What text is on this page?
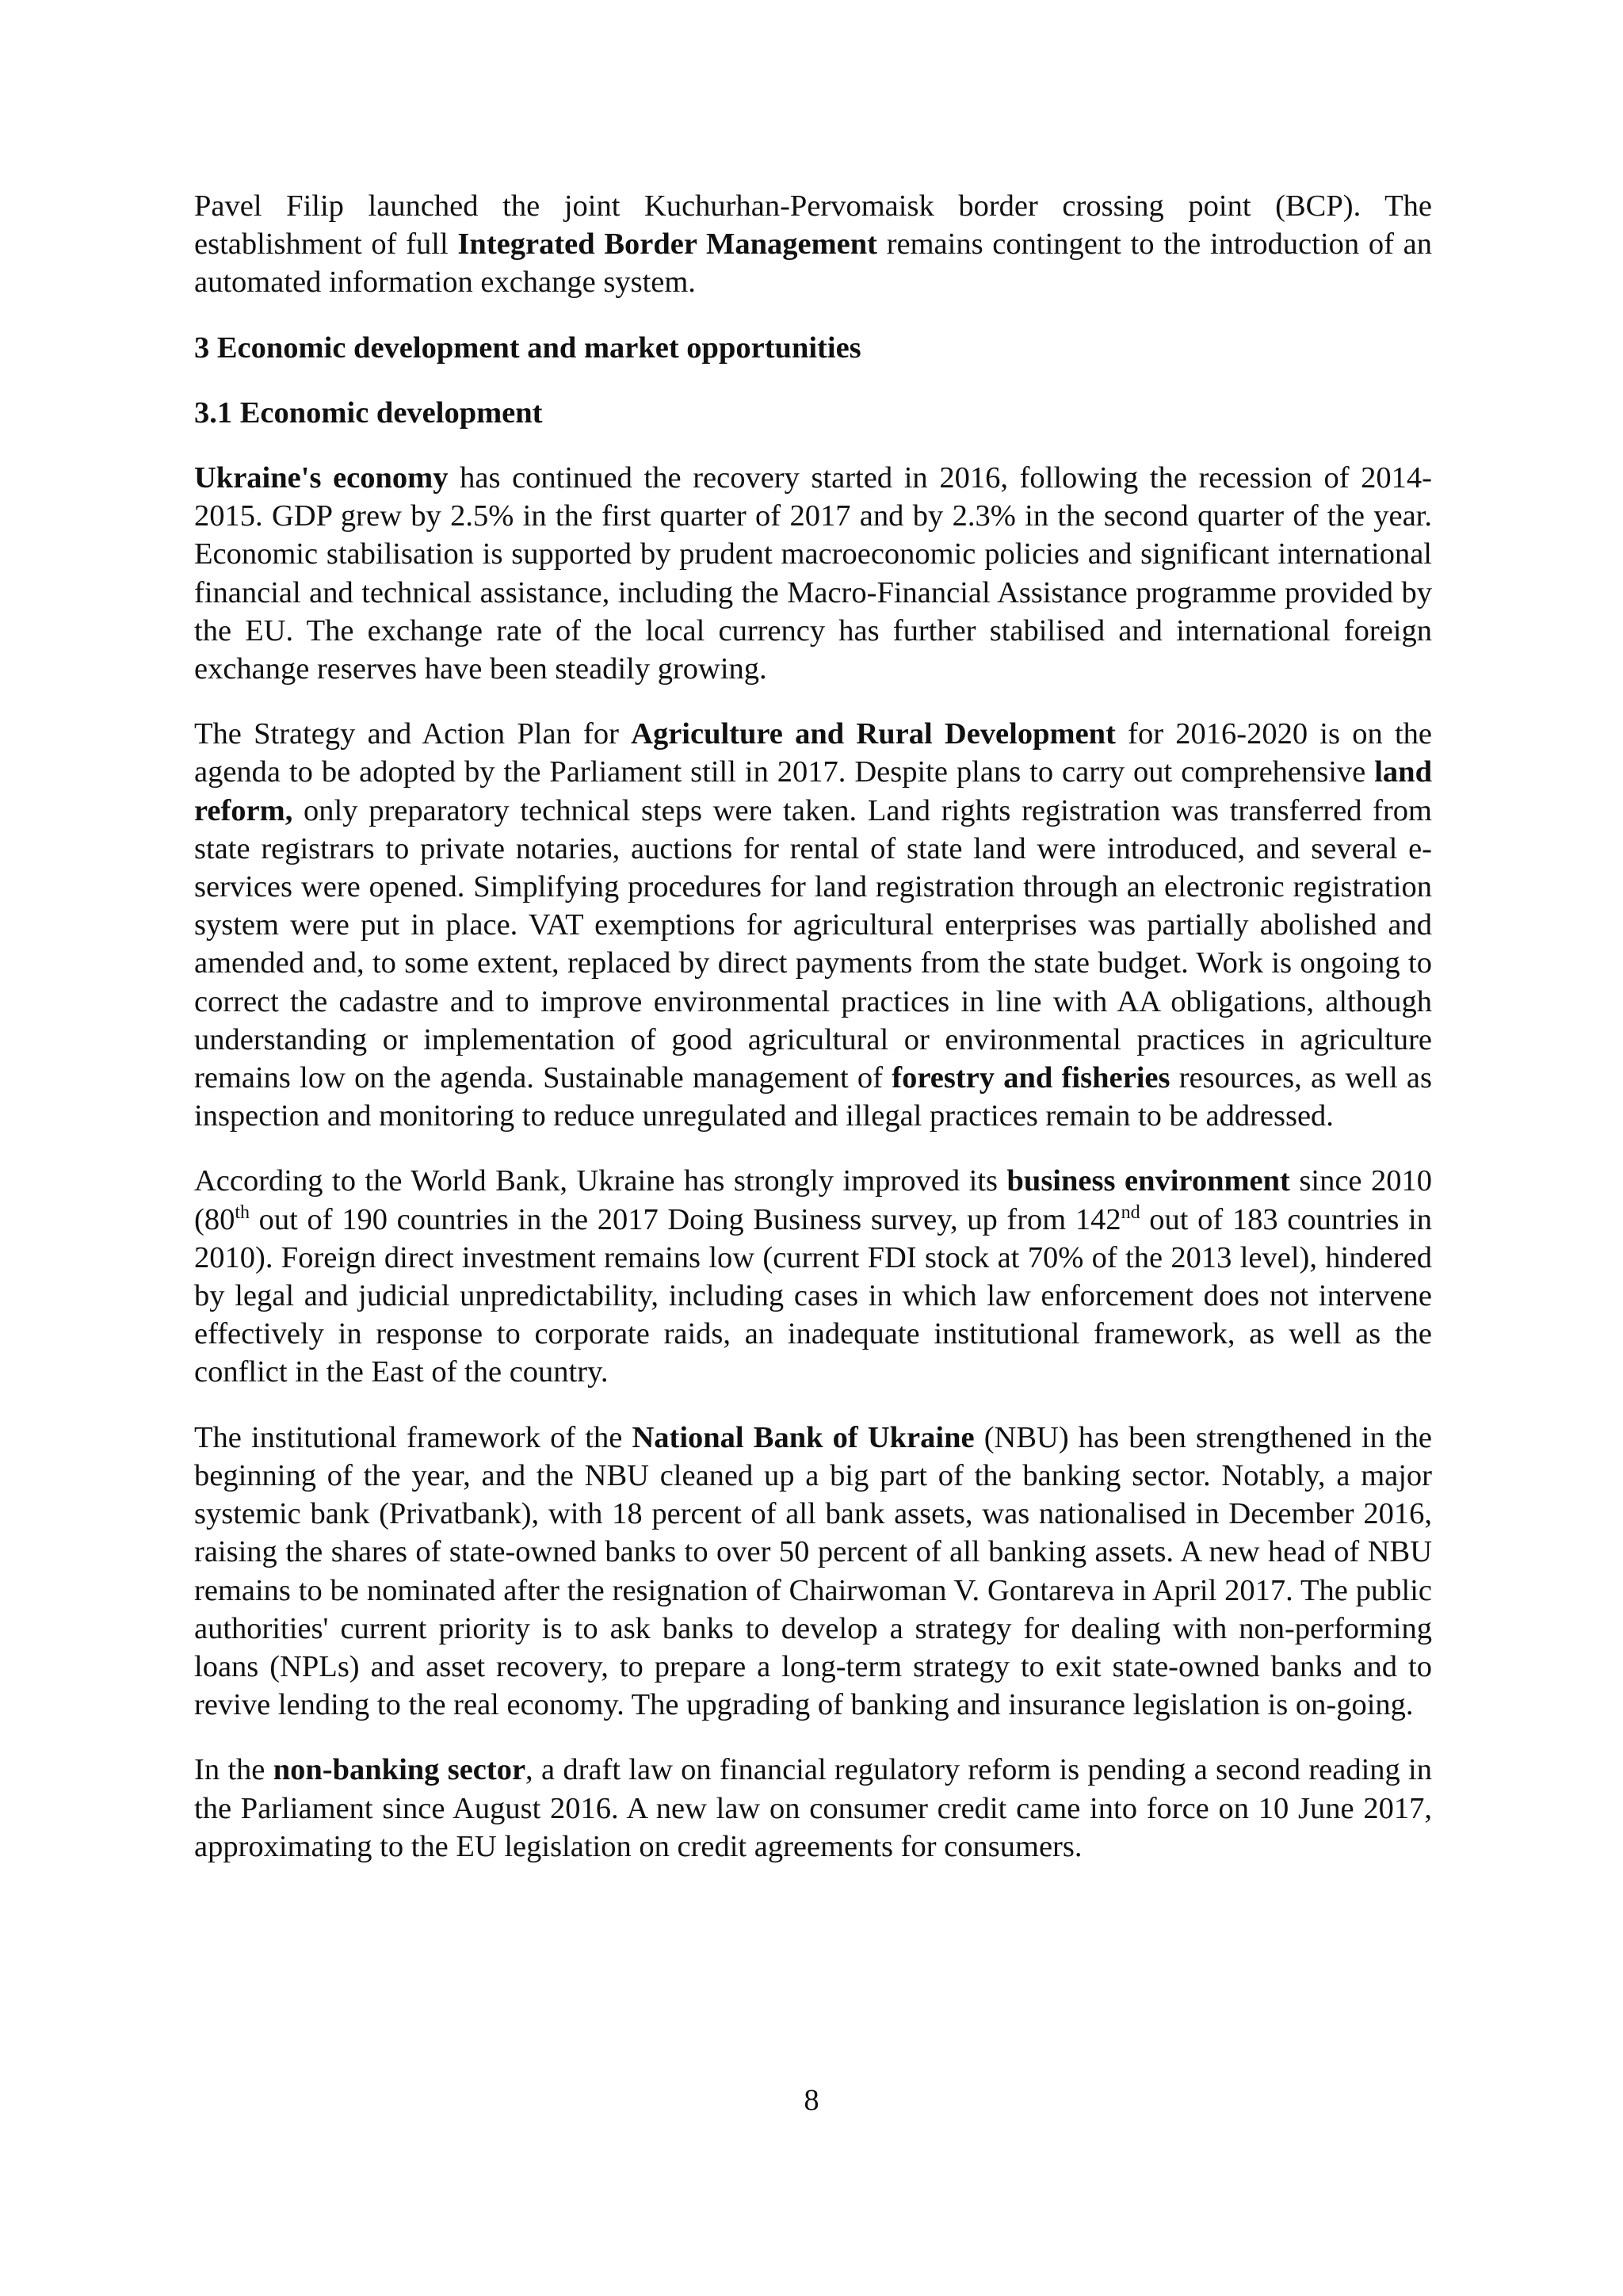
Pavel Filip launched the joint Kuchurhan-Pervomaisk border crossing point (BCP). The establishment of full Integrated Border Management remains contingent to the introduction of an automated information exchange system.

3 Economic development and market opportunities
3.1 Economic development

Ukraine's economy has continued the recovery started in 2016, following the recession of 2014-2015. GDP grew by 2.5% in the first quarter of 2017 and by 2.3% in the second quarter of the year. Economic stabilisation is supported by prudent macroeconomic policies and significant international financial and technical assistance, including the Macro-Financial Assistance programme provided by the EU. The exchange rate of the local currency has further stabilised and international foreign exchange reserves have been steadily growing.

The Strategy and Action Plan for Agriculture and Rural Development for 2016-2020 is on the agenda to be adopted by the Parliament still in 2017. Despite plans to carry out comprehensive land reform, only preparatory technical steps were taken. Land rights registration was transferred from state registrars to private notaries, auctions for rental of state land were introduced, and several e-services were opened. Simplifying procedures for land registration through an electronic registration system were put in place. VAT exemptions for agricultural enterprises was partially abolished and amended and, to some extent, replaced by direct payments from the state budget. Work is ongoing to correct the cadastre and to improve environmental practices in line with AA obligations, although understanding or implementation of good agricultural or environmental practices in agriculture remains low on the agenda. Sustainable management of forestry and fisheries resources, as well as inspection and monitoring to reduce unregulated and illegal practices remain to be addressed.

According to the World Bank, Ukraine has strongly improved its business environment since 2010 (80th out of 190 countries in the 2017 Doing Business survey, up from 142nd out of 183 countries in 2010). Foreign direct investment remains low (current FDI stock at 70% of the 2013 level), hindered by legal and judicial unpredictability, including cases in which law enforcement does not intervene effectively in response to corporate raids, an inadequate institutional framework, as well as the conflict in the East of the country.

The institutional framework of the National Bank of Ukraine (NBU) has been strengthened in the beginning of the year, and the NBU cleaned up a big part of the banking sector. Notably, a major systemic bank (Privatbank), with 18 percent of all bank assets, was nationalised in December 2016, raising the shares of state-owned banks to over 50 percent of all banking assets. A new head of NBU remains to be nominated after the resignation of Chairwoman V. Gontareva in April 2017. The public authorities' current priority is to ask banks to develop a strategy for dealing with non-performing loans (NPLs) and asset recovery, to prepare a long-term strategy to exit state-owned banks and to revive lending to the real economy. The upgrading of banking and insurance legislation is on-going.

In the non-banking sector, a draft law on financial regulatory reform is pending a second reading in the Parliament since August 2016. A new law on consumer credit came into force on 10 June 2017, approximating to the EU legislation on credit agreements for consumers.

8
